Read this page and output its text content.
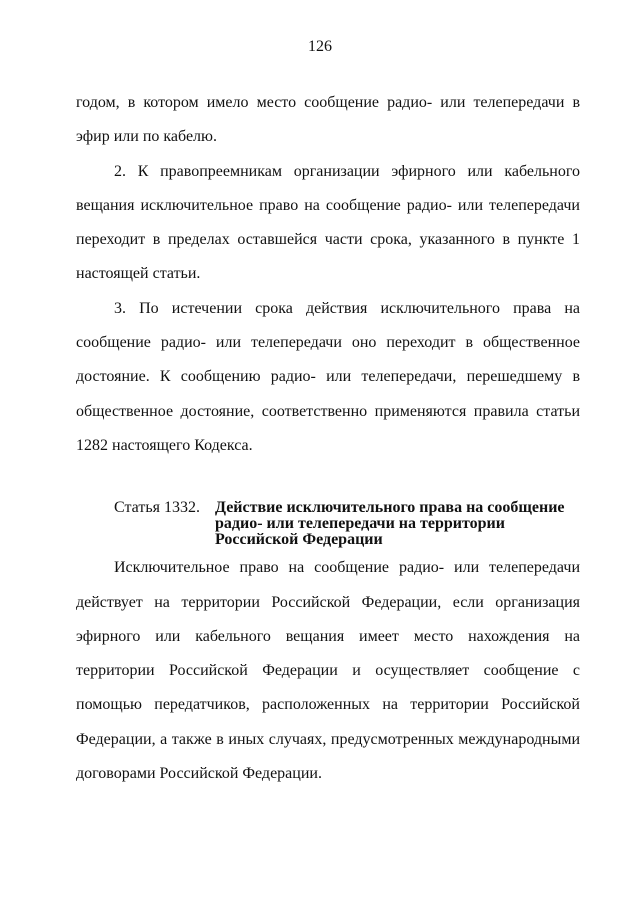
126

годом, в котором имело место сообщение радио- или телепередачи в эфир или по кабелю.

2. К правопреемникам организации эфирного или кабельного вещания исключительное право на сообщение радио- или телепередачи переходит в пределах оставшейся части срока, указанного в пункте 1 настоящей статьи.

3. По истечении срока действия исключительного права на сообщение радио- или телепередачи оно переходит в общественное достояние. К сообщению радио- или телепередачи, перешедшему в общественное достояние, соответственно применяются правила статьи 1282 настоящего Кодекса.

Статья 1332. Действие исключительного права на сообщение радио- или телепередачи на территории Российской Федерации

Исключительное право на сообщение радио- или телепередачи действует на территории Российской Федерации, если организация эфирного или кабельного вещания имеет место нахождения на территории Российской Федерации и осуществляет сообщение с помощью передатчиков, расположенных на территории Российской Федерации, а также в иных случаях, предусмотренных международными договорами Российской Федерации.
